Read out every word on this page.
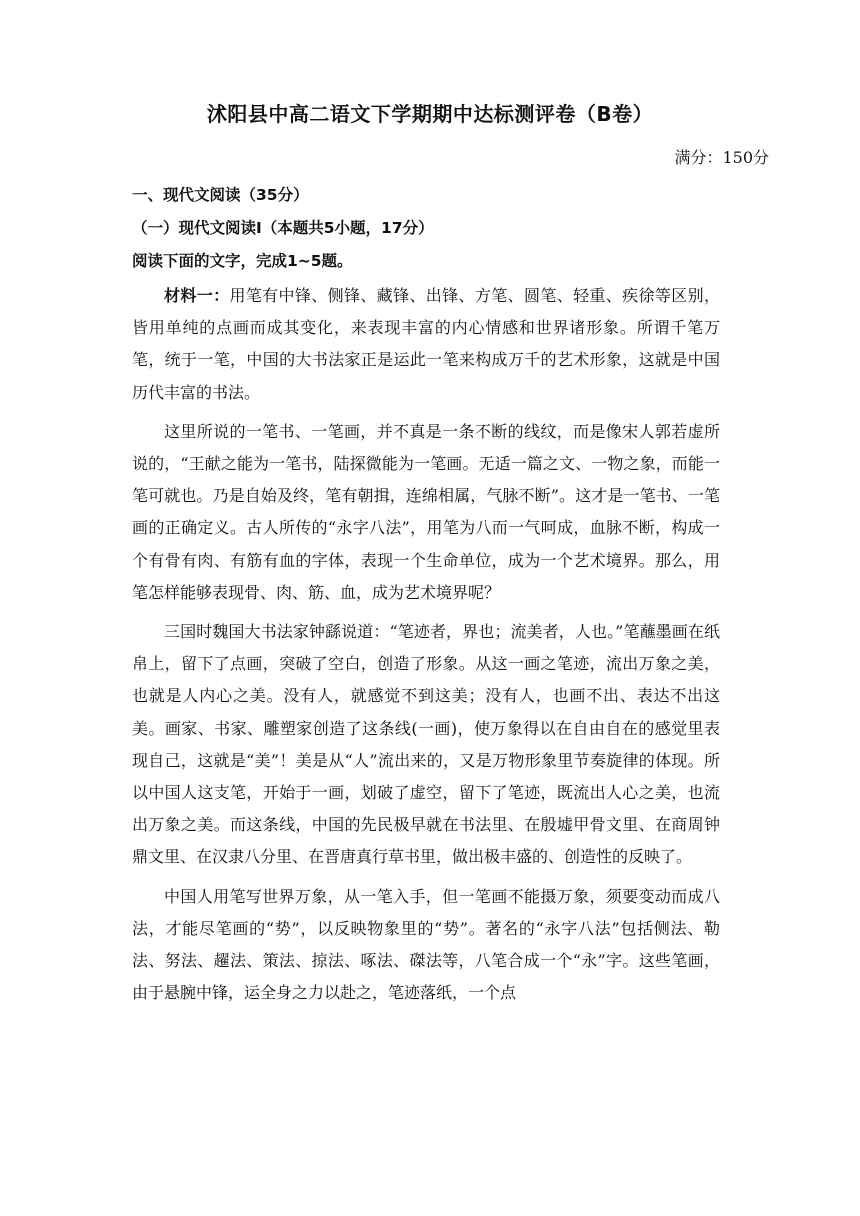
沭阳县中高二语文下学期期中达标测评卷（B卷）
满分：150分
一、现代文阅读（35分）
（一）现代文阅读Ⅰ（本题共5小题，17分）
阅读下面的文字，完成1~5题。

材料一：用笔有中锋、侧锋、藏锋、出锋、方笔、圆笔、轻重、疾徐等区别，皆用单纯的点画而成其变化，来表现丰富的内心情感和世界诸形象。所谓千笔万笔，统于一笔，中国的大书法家正是运此一笔来构成万千的艺术形象，这就是中国历代丰富的书法。

这里所说的一笔书、一笔画，并不真是一条不断的线纹，而是像宋人郭若虚所说的，“王献之能为一笔书，陆探微能为一笔画。无适一篇之文、一物之象，而能一笔可就也。乃是自始及终，笔有朝揖，连绵相属，气脉不断”。这才是一笔书、一笔画的正确定义。古人所传的“永字八法”，用笔为八而一气呵成，血脉不断，构成一个有骨有肉、有筋有血的字体，表现一个生命单位，成为一个艺术境界。那么，用笔怎样能够表现骨、肉、筋、血，成为艺术境界呢？

三国时魏国大书法家钟繇说道：“笔迹者，界也；流美者，人也。”笔蘸墨画在纸帛上，留下了点画，突破了空白，创造了形象。从这一画之笔迹，流出万象之美，也就是人内心之美。没有人，就感觉不到这美；没有人，也画不出、表达不出这美。画家、书家、雕塑家创造了这条线(一画)，使万象得以在自由自在的感觉里表现自己，这就是“美”！美是从“人”流出来的，又是万物形象里节奏旋律的体现。所以中国人这支笔，开始于一画，划破了虚空，留下了笔迹，既流出人心之美，也流出万象之美。而这条线，中国的先民极早就在书法里、在殷墟甲骨文里、在商周钟鼎文里、在汉隶八分里、在晋唐真行草书里，做出极丰盛的、创造性的反映了。

中国人用笔写世界万象，从一笔入手，但一笔画不能摄万象，须要变动而成八法，才能尽笔画的“势”，以反映物象里的“势”。著名的“永字八法”包括侧法、勒法、努法、趯法、策法、掠法、啄法、磔法等，八笔合成一个“永”字。这些笔画，由于悬腕中锋，运全身之力以赴之，笔迹落纸，一个点
